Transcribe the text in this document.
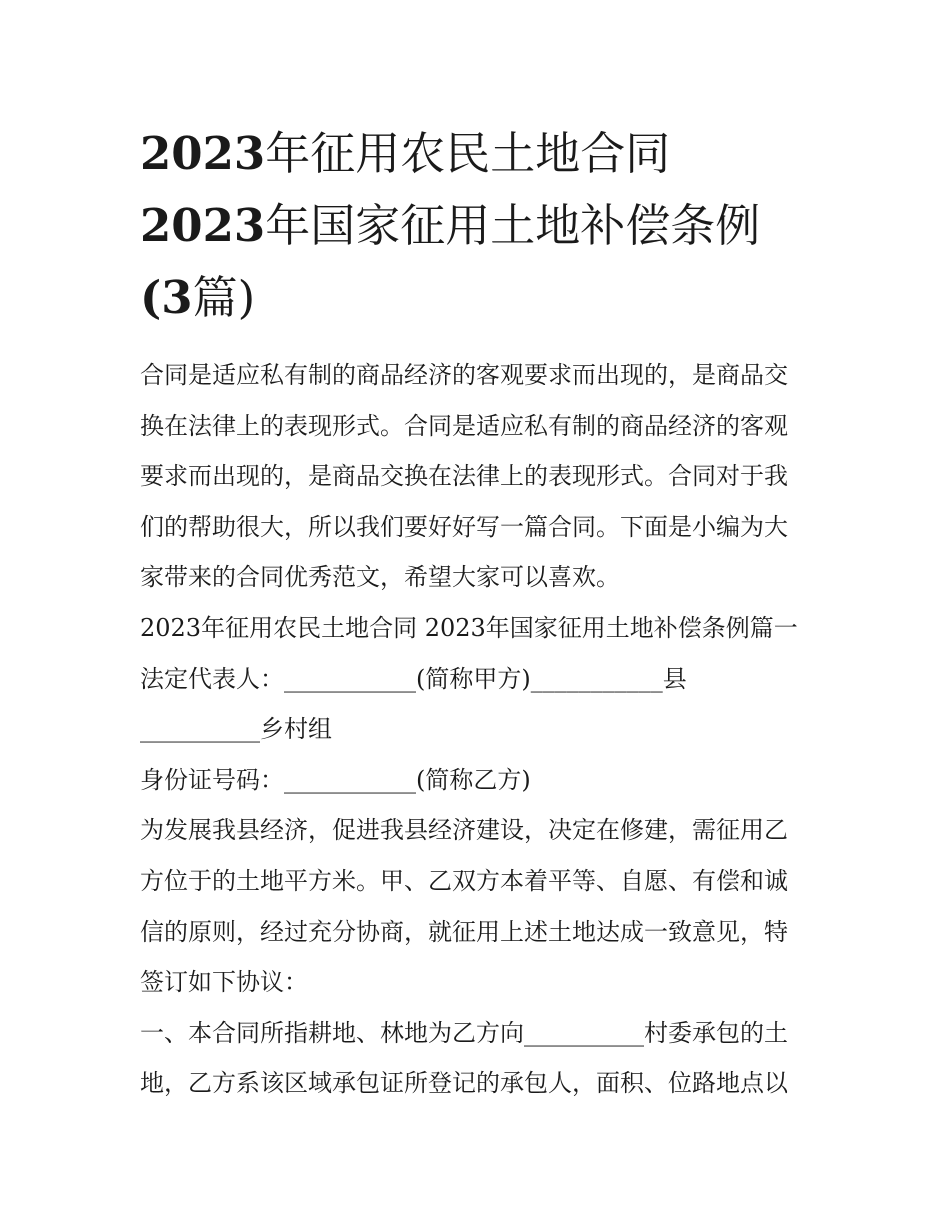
2023年征用农民土地合同
2023年国家征用土地补偿条例
(3篇)

合同是适应私有制的商品经济的客观要求而出现的，是商品交
换在法律上的表现形式。合同是适应私有制的商品经济的客观
要求而出现的，是商品交换在法律上的表现形式。合同对于我
们的帮助很大，所以我们要好好写一篇合同。下面是小编为大
家带来的合同优秀范文，希望大家可以喜欢。

2023年征用农民土地合同 2023年国家征用土地补偿条例篇一

法定代表人：___________(简称甲方)___________县
__________乡村组

身份证号码：___________(简称乙方)

为发展我县经济，促进我县经济建设，决定在修建，需征用乙
方位于的土地平方米。甲、乙双方本着平等、自愿、有偿和诚
信的原则，经过充分协商，就征用上述土地达成一致意见，特
签订如下协议：

一、本合同所指耕地、林地为乙方向__________村委承包的土
地，乙方系该区域承包证所登记的承包人，面积、位路地点以
